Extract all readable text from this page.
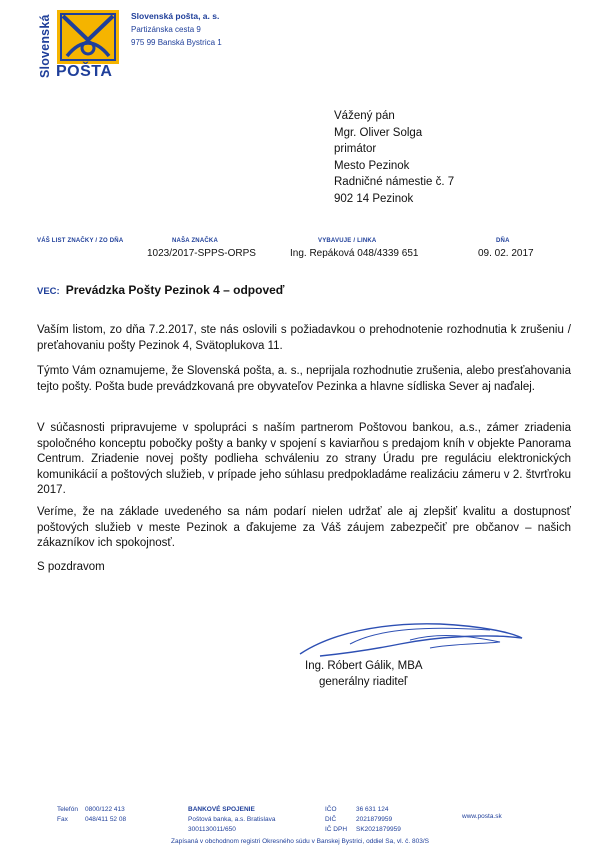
Slovenská POŠTA
Slovenská pošta, a. s.
Partizánska cesta 9
975 99 Banská Bystrica 1
Vážený pán
Mgr. Oliver Solga
primátor
Mesto Pezinok
Radničné námestie č. 7
902 14 Pezinok
VÁŠ LIST ZNAČKY / ZO DŇA	NAŠA ZNAČKA
1023/2017-SPPS-ORPS
VYBAVUJE / LINKA
Ing. Repáková 048/4339 651
DŇA
09. 02. 2017
VEC: Prevádzka Pošty Pezinok 4 – odpoveď
Vaším listom, zo dňa 7.2.2017, ste nás oslovili s požiadavkou o prehodnotenie rozhodnutia k zrušeniu / preťahovaniu pošty Pezinok 4, Svätoplukova 11.
Týmto Vám oznamujeme, že Slovenská pošta, a. s., neprijala rozhodnutie zrušenia, alebo presťahovania tejto pošty. Pošta bude prevádzkovaná pre obyvateľov Pezinka a hlavne sídliska Sever aj naďalej.
V súčasnosti pripravujeme v spolupráci s naším partnerom Poštovou bankou, a.s., zámer zriadenia spoločného konceptu pobočky pošty a banky v spojení s kaviarňou s predajom kníh v objekte Panorama Centrum. Zriadenie novej pošty podlieha schváleniu zo strany Úradu pre reguláciu elektronických komunikácií a poštových služieb, v prípade jeho súhlasu predpokladáme realizáciu zámeru v 2. štvrťroku 2017.
Veríme, že na základe uvedeného sa nám podarí nielen udržať ale aj zlepšiť kvalitu a dostupnosť poštových služieb v meste Pezinok a ďakujeme za Váš záujem zabezpečiť pre občanov – našich zákazníkov ich spokojnosť.
S pozdravom
Ing. Róbert Gálik, MBA
generálny riaditeľ
Telefón
Fax
0800/122 413
048/411 52 08
BANKOVÉ SPOJENIE
Poštová banka, a.s. Bratislava
3001130011/650
IČO
DIČ
IČ DPH
36 631 124
2021879959
SK2021879959
www.posta.sk
Zapísaná v obchodnom registri Okresného súdu v Banskej Bystrici, oddiel Sa, vl. č. 803/S
